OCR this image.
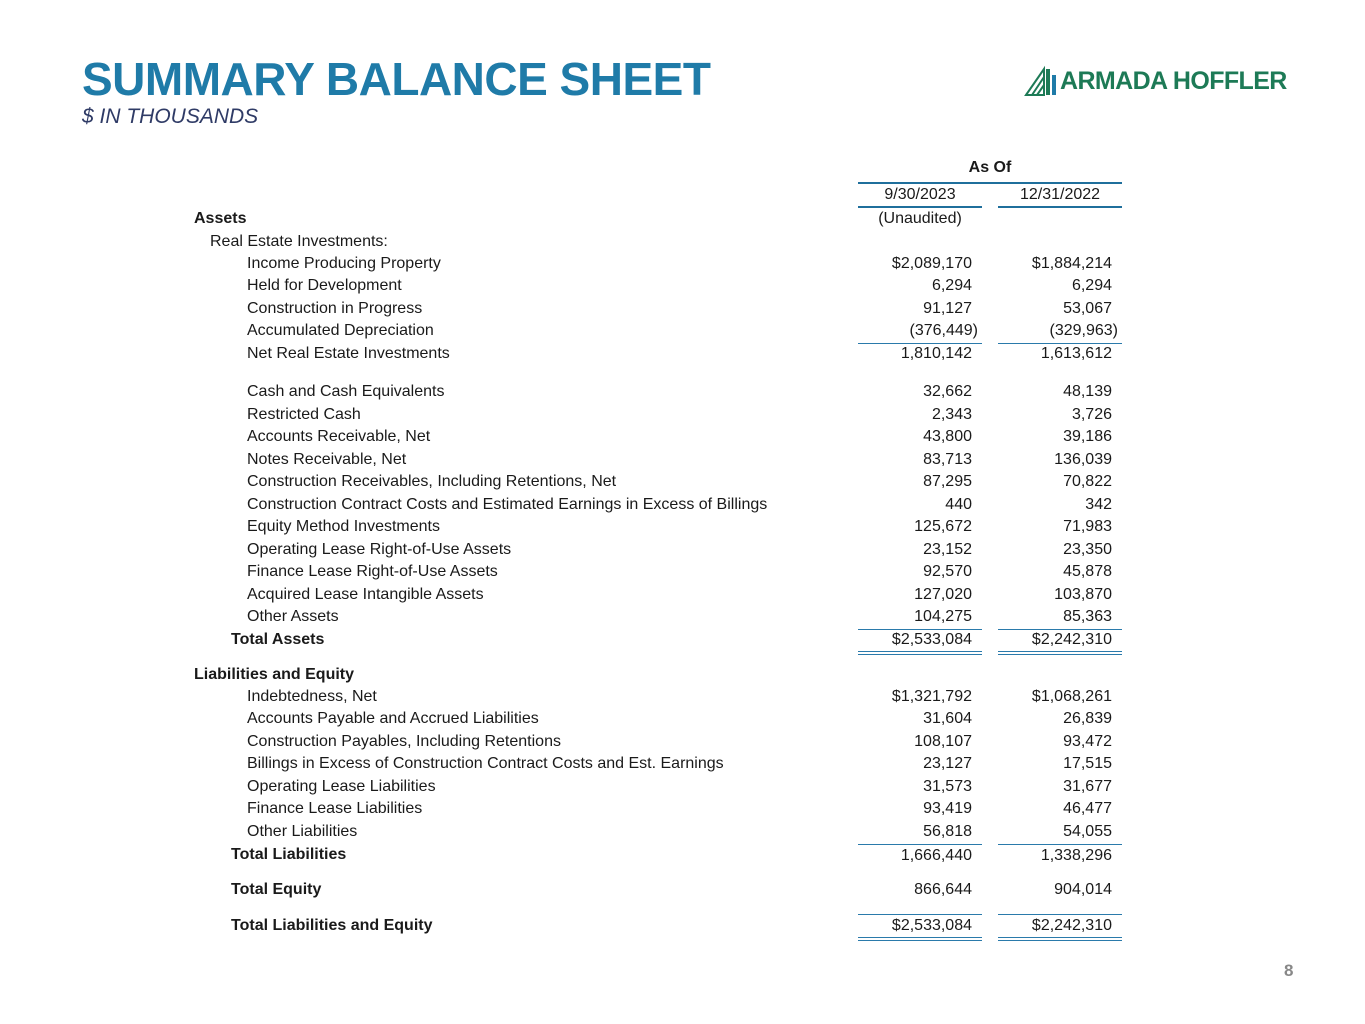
SUMMARY BALANCE SHEET
$ IN THOUSANDS
ARMADA HOFFLER
As Of
9/30/2023	12/31/2022
(Unaudited)
Assets
Real Estate Investments:
Income Producing Property	$2,089,170	$1,884,214
Held for Development	6,294	6,294
Construction in Progress	91,127	53,067
Accumulated Depreciation	(376,449)	(329,963)
Net Real Estate Investments	1,810,142	1,613,612
Cash and Cash Equivalents	32,662	48,139
Restricted Cash	2,343	3,726
Accounts Receivable, Net	43,800	39,186
Notes Receivable, Net	83,713	136,039
Construction Receivables, Including Retentions, Net	87,295	70,822
Construction Contract Costs and Estimated Earnings in Excess of Billings	440	342
Equity Method Investments	125,672	71,983
Operating Lease Right-of-Use Assets	23,152	23,350
Finance Lease Right-of-Use Assets	92,570	45,878
Acquired Lease Intangible Assets	127,020	103,870
Other Assets	104,275	85,363
Total Assets	$2,533,084	$2,242,310
Liabilities and Equity
Indebtedness, Net	$1,321,792	$1,068,261
Accounts Payable and Accrued Liabilities	31,604	26,839
Construction Payables, Including Retentions	108,107	93,472
Billings in Excess of Construction Contract Costs and Est. Earnings	23,127	17,515
Operating Lease Liabilities	31,573	31,677
Finance Lease Liabilities	93,419	46,477
Other Liabilities	56,818	54,055
Total Liabilities	1,666,440	1,338,296
Total Equity	866,644	904,014
Total Liabilities and Equity	$2,533,084	$2,242,310
8
